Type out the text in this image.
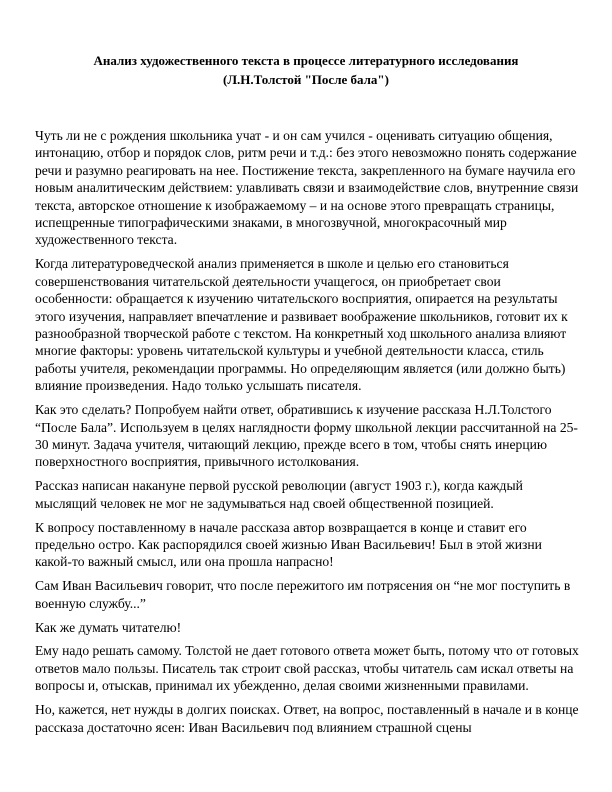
Анализ художественного текста в процессе литературного исследования
(Л.Н.Толстой "После бала")

Чуть ли не с рождения школьника учат - и он сам учился - оценивать ситуацию общения, интонацию, отбор и порядок слов, ритм речи и т.д.: без этого невозможно понять содержание речи и разумно реагировать на нее. Постижение текста, закрепленного на бумаге научила его новым аналитическим действием: улавливать связи и взаимодействие слов, внутренние связи текста, авторское отношение к изображаемому – и на основе этого превращать страницы, испещренные типографическими знаками, в многозвучной, многокрасочный мир художественного текста.

Когда литературоведческой анализ применяется в школе и целью его становиться совершенствования читательской деятельности учащегося, он приобретает свои особенности: обращается к изучению читательского восприятия, опирается на результаты этого изучения, направляет впечатление и развивает воображение школьников, готовит их к разнообразной творческой работе с текстом. На конкретный ход школьного анализа влияют многие факторы: уровень читательской культуры и учебной деятельности класса, стиль работы учителя, рекомендации программы. Но определяющим является (или должно быть) влияние произведения. Надо только услышать писателя.

Как это сделать? Попробуем найти ответ, обратившись к изучение рассказа Н.Л.Толстого “После Бала”. Используем в целях наглядности форму школьной лекции рассчитанной на 25-30 минут. Задача учителя, читающий лекцию, прежде всего в том, чтобы снять инерцию поверхностного восприятия, привычного истолкования.

Рассказ написан накануне первой русской революции (август 1903 г.), когда каждый мыслящий человек не мог не задумываться над своей общественной позицией.

К вопросу поставленному в начале рассказа автор возвращается в конце и ставит его предельно остро. Как распорядился своей жизнью Иван Васильевич! Был в этой жизни какой-то важный смысл, или она прошла напрасно!

Сам Иван Васильевич говорит, что после пережитого им потрясения он “не мог поступить в военную службу...”

Как же думать читателю!

Ему надо решать самому. Толстой не дает готового ответа может быть, потому что от готовых ответов мало пользы. Писатель так строит свой рассказ, чтобы читатель сам искал ответы на вопросы и, отыскав, принимал их убежденно, делая своими жизненными правилами.

Но, кажется, нет нужды в долгих поисках. Ответ, на вопрос, поставленный в начале и в конце рассказа достаточно ясен: Иван Васильевич под влиянием страшной сцены
